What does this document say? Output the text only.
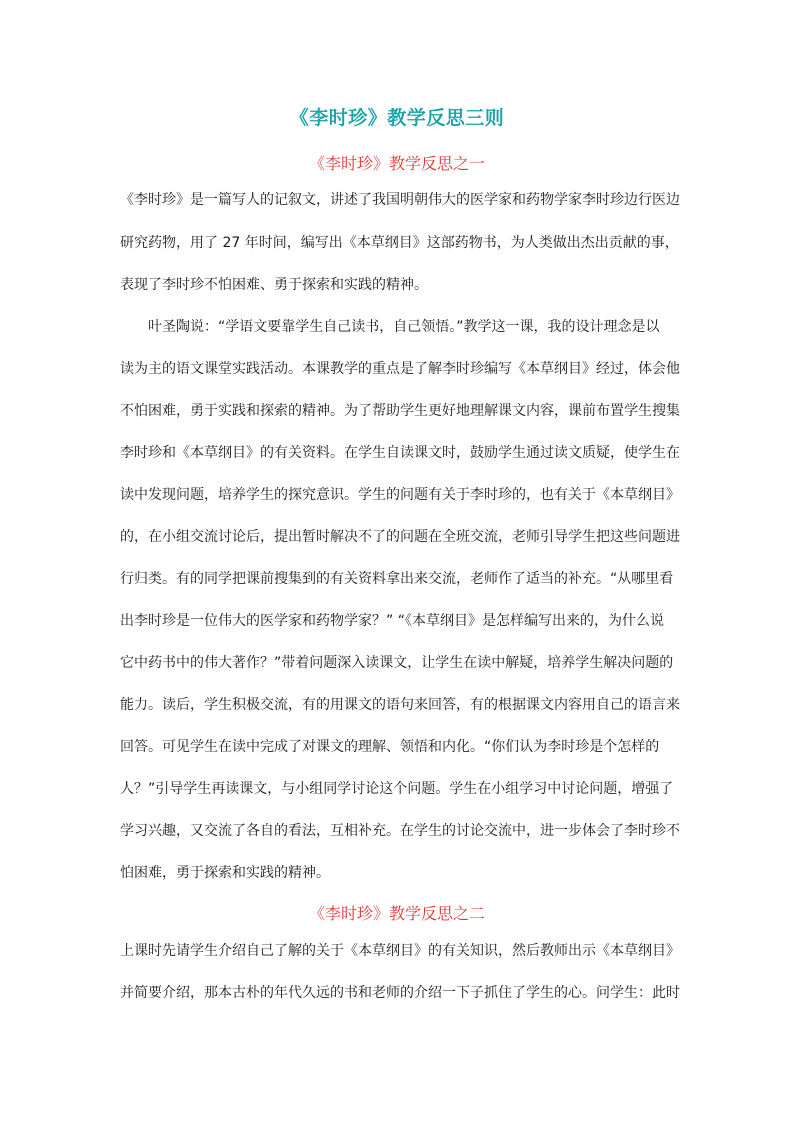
《李时珍》教学反思三则
《李时珍》教学反思之一
《李时珍》是一篇写人的记叙文，讲述了我国明朝伟大的医学家和药物学家李时珍边行医边
研究药物，用了 27 年时间，编写出《本草纲目》这部药物书，为人类做出杰出贡献的事，
表现了李时珍不怕困难、勇于探索和实践的精神。
叶圣陶说：“学语文要靠学生自己读书，自己领悟。”教学这一课，我的设计理念是以
读为主的语文课堂实践活动。本课教学的重点是了解李时珍编写《本草纲目》经过，体会他
不怕困难，勇于实践和探索的精神。为了帮助学生更好地理解课文内容，课前布置学生搜集
李时珍和《本草纲目》的有关资料。在学生自读课文时，鼓励学生通过读文质疑，使学生在
读中发现问题，培养学生的探究意识。学生的问题有关于李时珍的，也有关于《本草纲目》
的，在小组交流讨论后，提出暂时解决不了的问题在全班交流，老师引导学生把这些问题进
行归类。有的同学把课前搜集到的有关资料拿出来交流，老师作了适当的补充。“从哪里看
出李时珍是一位伟大的医学家和药物学家？” “《本草纲目》是怎样编写出来的，为什么说
它中药书中的伟大著作？”带着问题深入读课文，让学生在读中解疑，培养学生解决问题的
能力。读后，学生积极交流，有的用课文的语句来回答，有的根据课文内容用自己的语言来
回答。可见学生在读中完成了对课文的理解、领悟和内化。“你们认为李时珍是个怎样的
人？”引导学生再读课文，与小组同学讨论这个问题。学生在小组学习中讨论问题，增强了
学习兴趣，又交流了各自的看法，互相补充。在学生的讨论交流中，进一步体会了李时珍不
怕困难，勇于探索和实践的精神。
《李时珍》教学反思之二
上课时先请学生介绍自己了解的关于《本草纲目》的有关知识，然后教师出示《本草纲目》
并简要介绍，那本古朴的年代久远的书和老师的介绍一下子抓住了学生的心。问学生：此时
